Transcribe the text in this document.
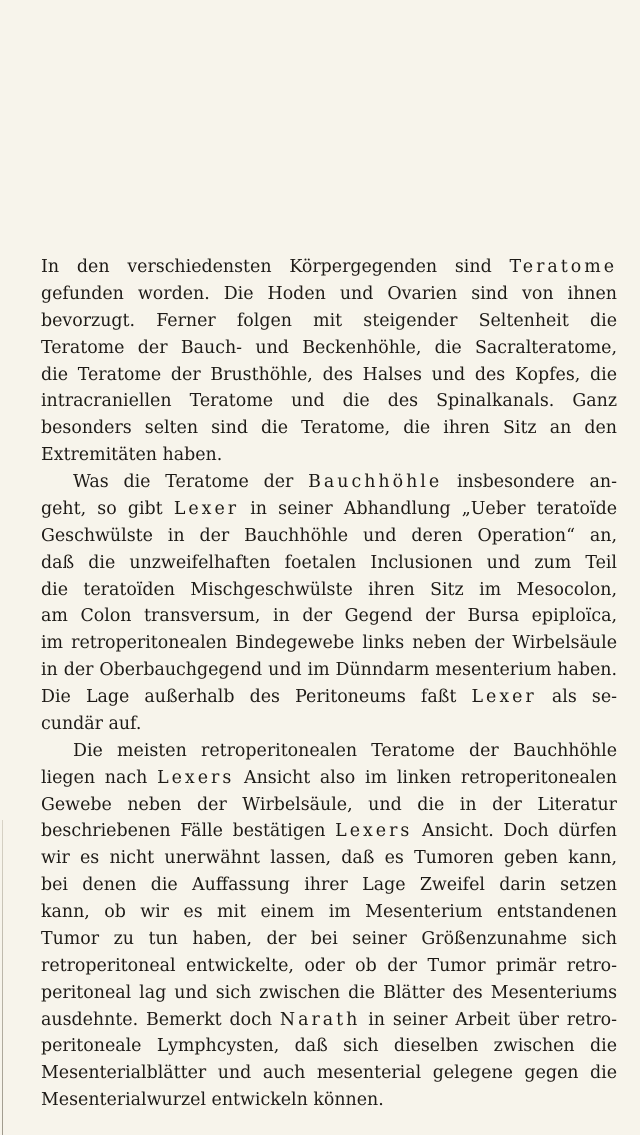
In den verschiedensten Körpergegenden sind Teratome
gefunden worden. Die Hoden und Ovarien sind von ihnen
bevorzugt. Ferner folgen mit steigender Seltenheit die
Teratome der Bauch- und Beckenhöhle, die Sacralteratome,
die Teratome der Brusthöhle, des Halses und des Kopfes, die
intracraniellen Teratome und die des Spinalkanals. Ganz
besonders selten sind die Teratome, die ihren Sitz an den
Extremitäten haben.
Was die Teratome der Bauchhöhle insbesondere an-
geht, so gibt Lexer in seiner Abhandlung „Ueber teratoïde
Geschwülste in der Bauchhöhle und deren Operation“ an,
daß die unzweifelhaften foetalen Inclusionen und zum Teil
die teratoïden Mischgeschwülste ihren Sitz im Mesocolon,
am Colon transversum, in der Gegend der Bursa epiploïca,
im retroperitonealen Bindegewebe links neben der Wirbelsäule
in der Oberbauchgegend und im Dünndarm mesenterium haben.
Die Lage außerhalb des Peritoneums faßt Lexer als se-
cundär auf.
Die meisten retroperitonealen Teratome der Bauchhöhle
liegen nach Lexers Ansicht also im linken retroperitonealen
Gewebe neben der Wirbelsäule, und die in der Literatur
beschriebenen Fälle bestätigen Lexers Ansicht. Doch dürfen
wir es nicht unerwähnt lassen, daß es Tumoren geben kann,
bei denen die Auffassung ihrer Lage Zweifel darin setzen
kann, ob wir es mit einem im Mesenterium entstandenen
Tumor zu tun haben, der bei seiner Größenzunahme sich
retroperitoneal entwickelte, oder ob der Tumor primär retro-
peritoneal lag und sich zwischen die Blätter des Mesenteriums
ausdehnte. Bemerkt doch Narath in seiner Arbeit über retro-
peritoneale Lymphcysten, daß sich dieselben zwischen die
Mesenterialblätter und auch mesenterial gelegene gegen die
Mesenterialwurzel entwickeln können.
